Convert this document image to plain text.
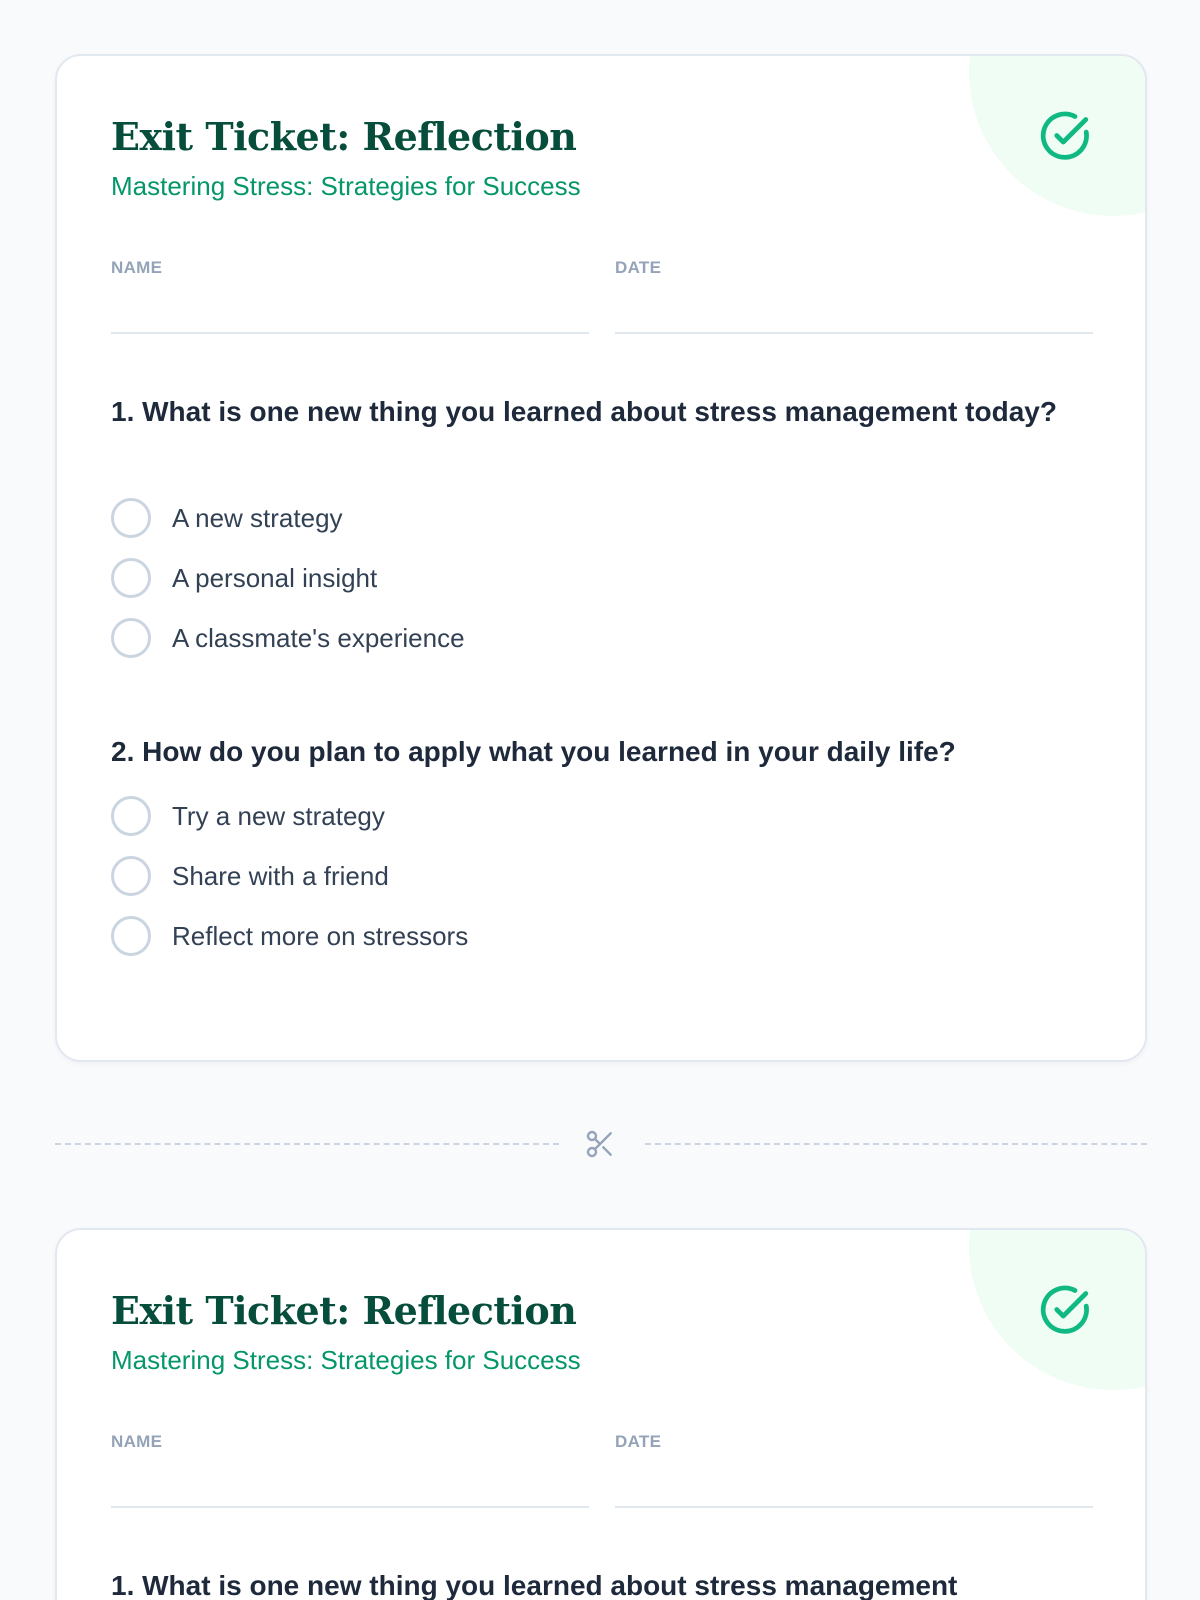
Exit Ticket: Reflection
Mastering Stress: Strategies for Success
NAME	DATE
1. What is one new thing you learned about stress management today?
A new strategy
A personal insight
A classmate's experience
2. How do you plan to apply what you learned in your daily life?
Try a new strategy
Share with a friend
Reflect more on stressors
Exit Ticket: Reflection
Mastering Stress: Strategies for Success
NAME	DATE
1. What is one new thing you learned about stress management
